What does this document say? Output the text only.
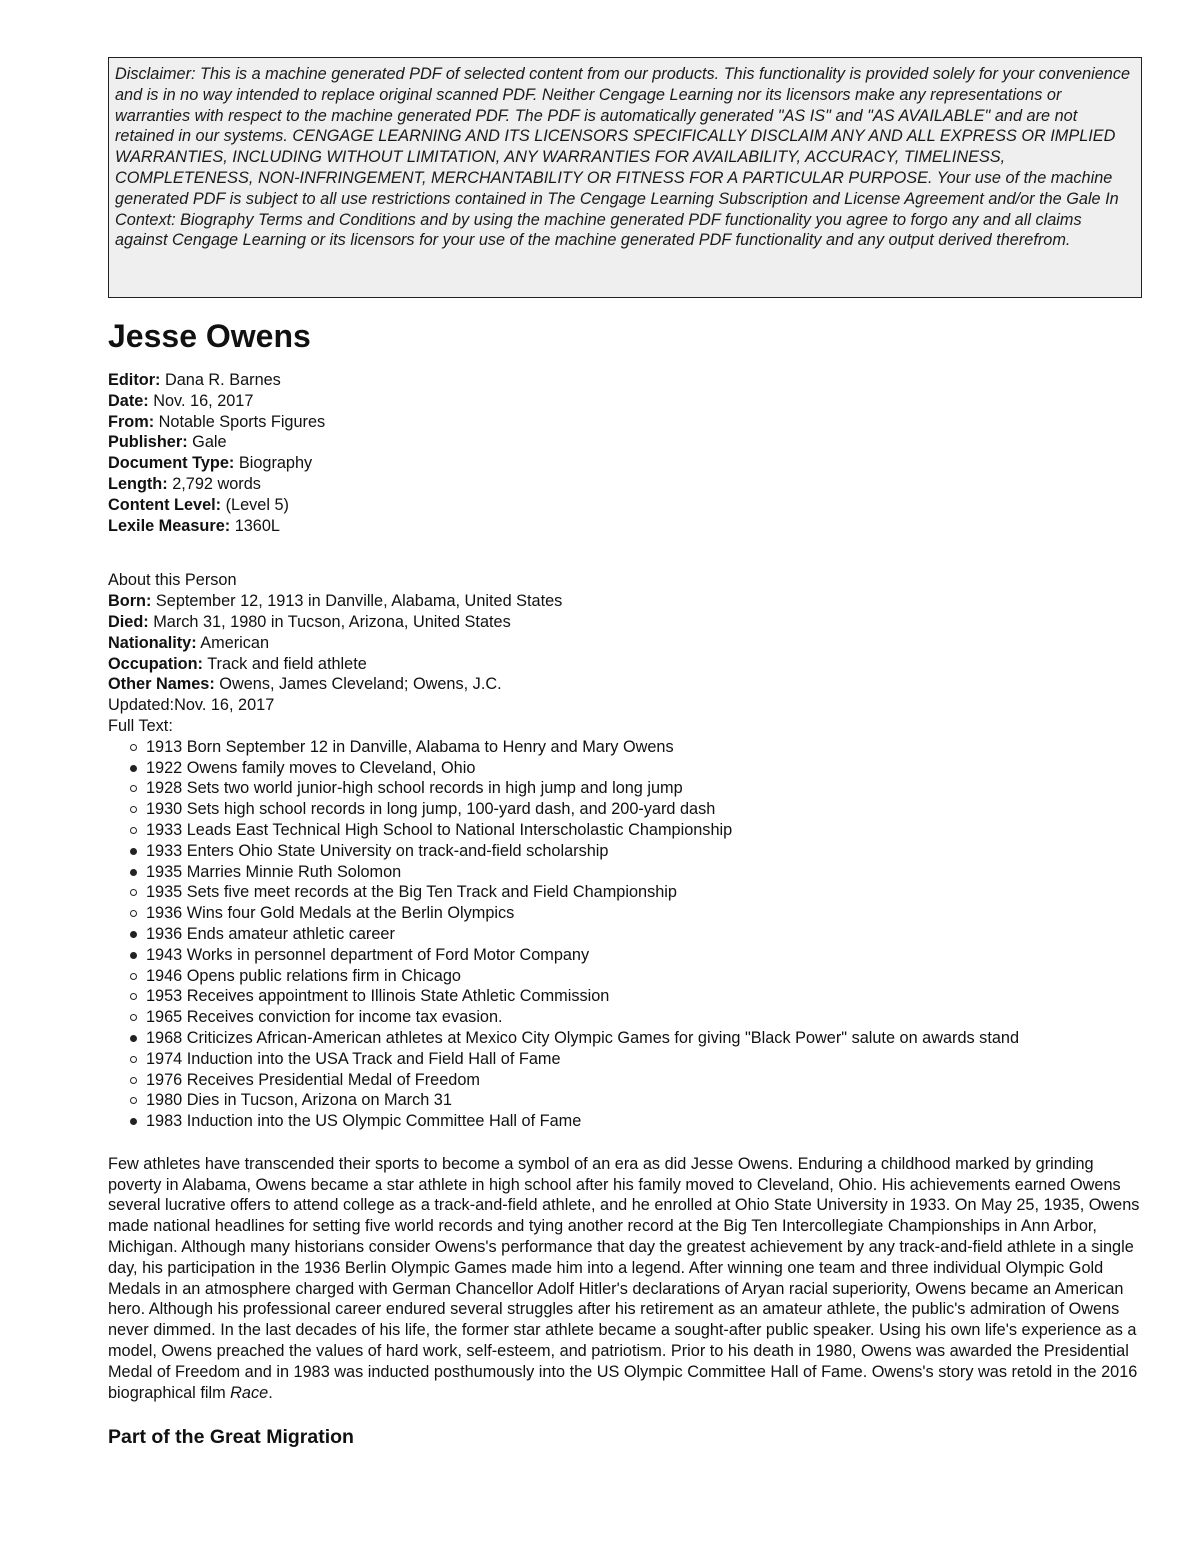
Disclaimer: This is a machine generated PDF of selected content from our products. This functionality is provided solely for your convenience and is in no way intended to replace original scanned PDF. Neither Cengage Learning nor its licensors make any representations or warranties with respect to the machine generated PDF. The PDF is automatically generated "AS IS" and "AS AVAILABLE" and are not retained in our systems. CENGAGE LEARNING AND ITS LICENSORS SPECIFICALLY DISCLAIM ANY AND ALL EXPRESS OR IMPLIED WARRANTIES, INCLUDING WITHOUT LIMITATION, ANY WARRANTIES FOR AVAILABILITY, ACCURACY, TIMELINESS, COMPLETENESS, NON-INFRINGEMENT, MERCHANTABILITY OR FITNESS FOR A PARTICULAR PURPOSE. Your use of the machine generated PDF is subject to all use restrictions contained in The Cengage Learning Subscription and License Agreement and/or the Gale In Context: Biography Terms and Conditions and by using the machine generated PDF functionality you agree to forgo any and all claims against Cengage Learning or its licensors for your use of the machine generated PDF functionality and any output derived therefrom.
Jesse Owens
Editor: Dana R. Barnes
Date: Nov. 16, 2017
From: Notable Sports Figures
Publisher: Gale
Document Type: Biography
Length: 2,792 words
Content Level: (Level 5)
Lexile Measure: 1360L
About this Person
Born: September 12, 1913 in Danville, Alabama, United States
Died: March 31, 1980 in Tucson, Arizona, United States
Nationality: American
Occupation: Track and field athlete
Other Names: Owens, James Cleveland; Owens, J.C.
Updated:Nov. 16, 2017
Full Text:
1913 Born September 12 in Danville, Alabama to Henry and Mary Owens
1922 Owens family moves to Cleveland, Ohio
1928 Sets two world junior-high school records in high jump and long jump
1930 Sets high school records in long jump, 100-yard dash, and 200-yard dash
1933 Leads East Technical High School to National Interscholastic Championship
1933 Enters Ohio State University on track-and-field scholarship
1935 Marries Minnie Ruth Solomon
1935 Sets five meet records at the Big Ten Track and Field Championship
1936 Wins four Gold Medals at the Berlin Olympics
1936 Ends amateur athletic career
1943 Works in personnel department of Ford Motor Company
1946 Opens public relations firm in Chicago
1953 Receives appointment to Illinois State Athletic Commission
1965 Receives conviction for income tax evasion.
1968 Criticizes African-American athletes at Mexico City Olympic Games for giving "Black Power" salute on awards stand
1974 Induction into the USA Track and Field Hall of Fame
1976 Receives Presidential Medal of Freedom
1980 Dies in Tucson, Arizona on March 31
1983 Induction into the US Olympic Committee Hall of Fame
Few athletes have transcended their sports to become a symbol of an era as did Jesse Owens. Enduring a childhood marked by grinding poverty in Alabama, Owens became a star athlete in high school after his family moved to Cleveland, Ohio. His achievements earned Owens several lucrative offers to attend college as a track-and-field athlete, and he enrolled at Ohio State University in 1933. On May 25, 1935, Owens made national headlines for setting five world records and tying another record at the Big Ten Intercollegiate Championships in Ann Arbor, Michigan. Although many historians consider Owens's performance that day the greatest achievement by any track-and-field athlete in a single day, his participation in the 1936 Berlin Olympic Games made him into a legend. After winning one team and three individual Olympic Gold Medals in an atmosphere charged with German Chancellor Adolf Hitler's declarations of Aryan racial superiority, Owens became an American hero. Although his professional career endured several struggles after his retirement as an amateur athlete, the public's admiration of Owens never dimmed. In the last decades of his life, the former star athlete became a sought-after public speaker. Using his own life's experience as a model, Owens preached the values of hard work, self-esteem, and patriotism. Prior to his death in 1980, Owens was awarded the Presidential Medal of Freedom and in 1983 was inducted posthumously into the US Olympic Committee Hall of Fame. Owens's story was retold in the 2016 biographical film Race.
Part of the Great Migration
